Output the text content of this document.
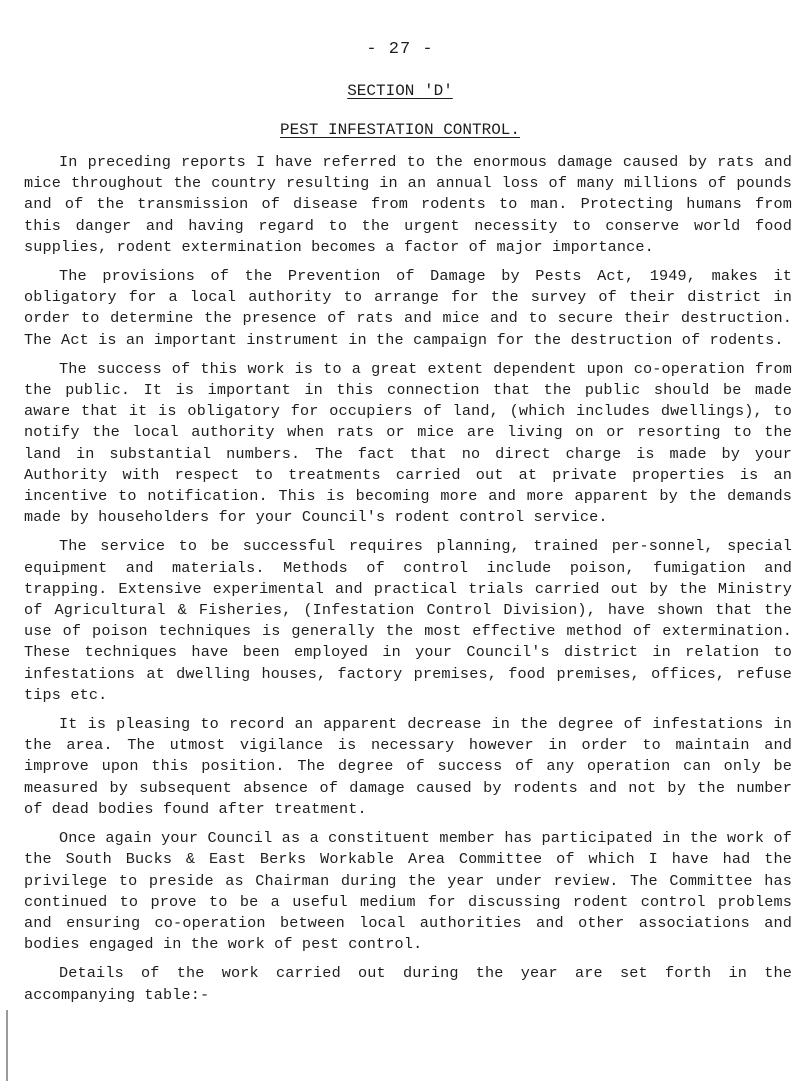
- 27 -
SECTION 'D'
PEST INFESTATION CONTROL.

In preceding reports I have referred to the enormous damage caused by rats and mice throughout the country resulting in an annual loss of many millions of pounds and of the transmission of disease from rodents to man. Protecting humans from this danger and having regard to the urgent necessity to conserve world food supplies, rodent extermination becomes a factor of major importance.

The provisions of the Prevention of Damage by Pests Act, 1949, makes it obligatory for a local authority to arrange for the survey of their district in order to determine the presence of rats and mice and to secure their destruction. The Act is an important instrument in the campaign for the destruction of rodents.

The success of this work is to a great extent dependent upon co-operation from the public. It is important in this connection that the public should be made aware that it is obligatory for occupiers of land, (which includes dwellings), to notify the local authority when rats or mice are living on or resorting to the land in substantial numbers. The fact that no direct charge is made by your Authority with respect to treatments carried out at private properties is an incentive to notification. This is becoming more and more apparent by the demands made by householders for your Council's rodent control service.

The service to be successful requires planning, trained per-sonnel, special equipment and materials. Methods of control include poison, fumigation and trapping. Extensive experimental and practical trials carried out by the Ministry of Agricultural & Fisheries, (Infestation Control Division), have shown that the use of poison techniques is generally the most effective method of extermination. These techniques have been employed in your Council's district in relation to infestations at dwelling houses, factory premises, food premises, offices, refuse tips etc.

It is pleasing to record an apparent decrease in the degree of infestations in the area. The utmost vigilance is necessary however in order to maintain and improve upon this position. The degree of success of any operation can only be measured by subsequent absence of damage caused by rodents and not by the number of dead bodies found after treatment.

Once again your Council as a constituent member has participated in the work of the South Bucks & East Berks Workable Area Committee of which I have had the privilege to preside as Chairman during the year under review. The Committee has continued to prove to be a useful medium for discussing rodent control problems and ensuring co-operation between local authorities and other associations and bodies engaged in the work of pest control.

Details of the work carried out during the year are set forth in the accompanying table:-
